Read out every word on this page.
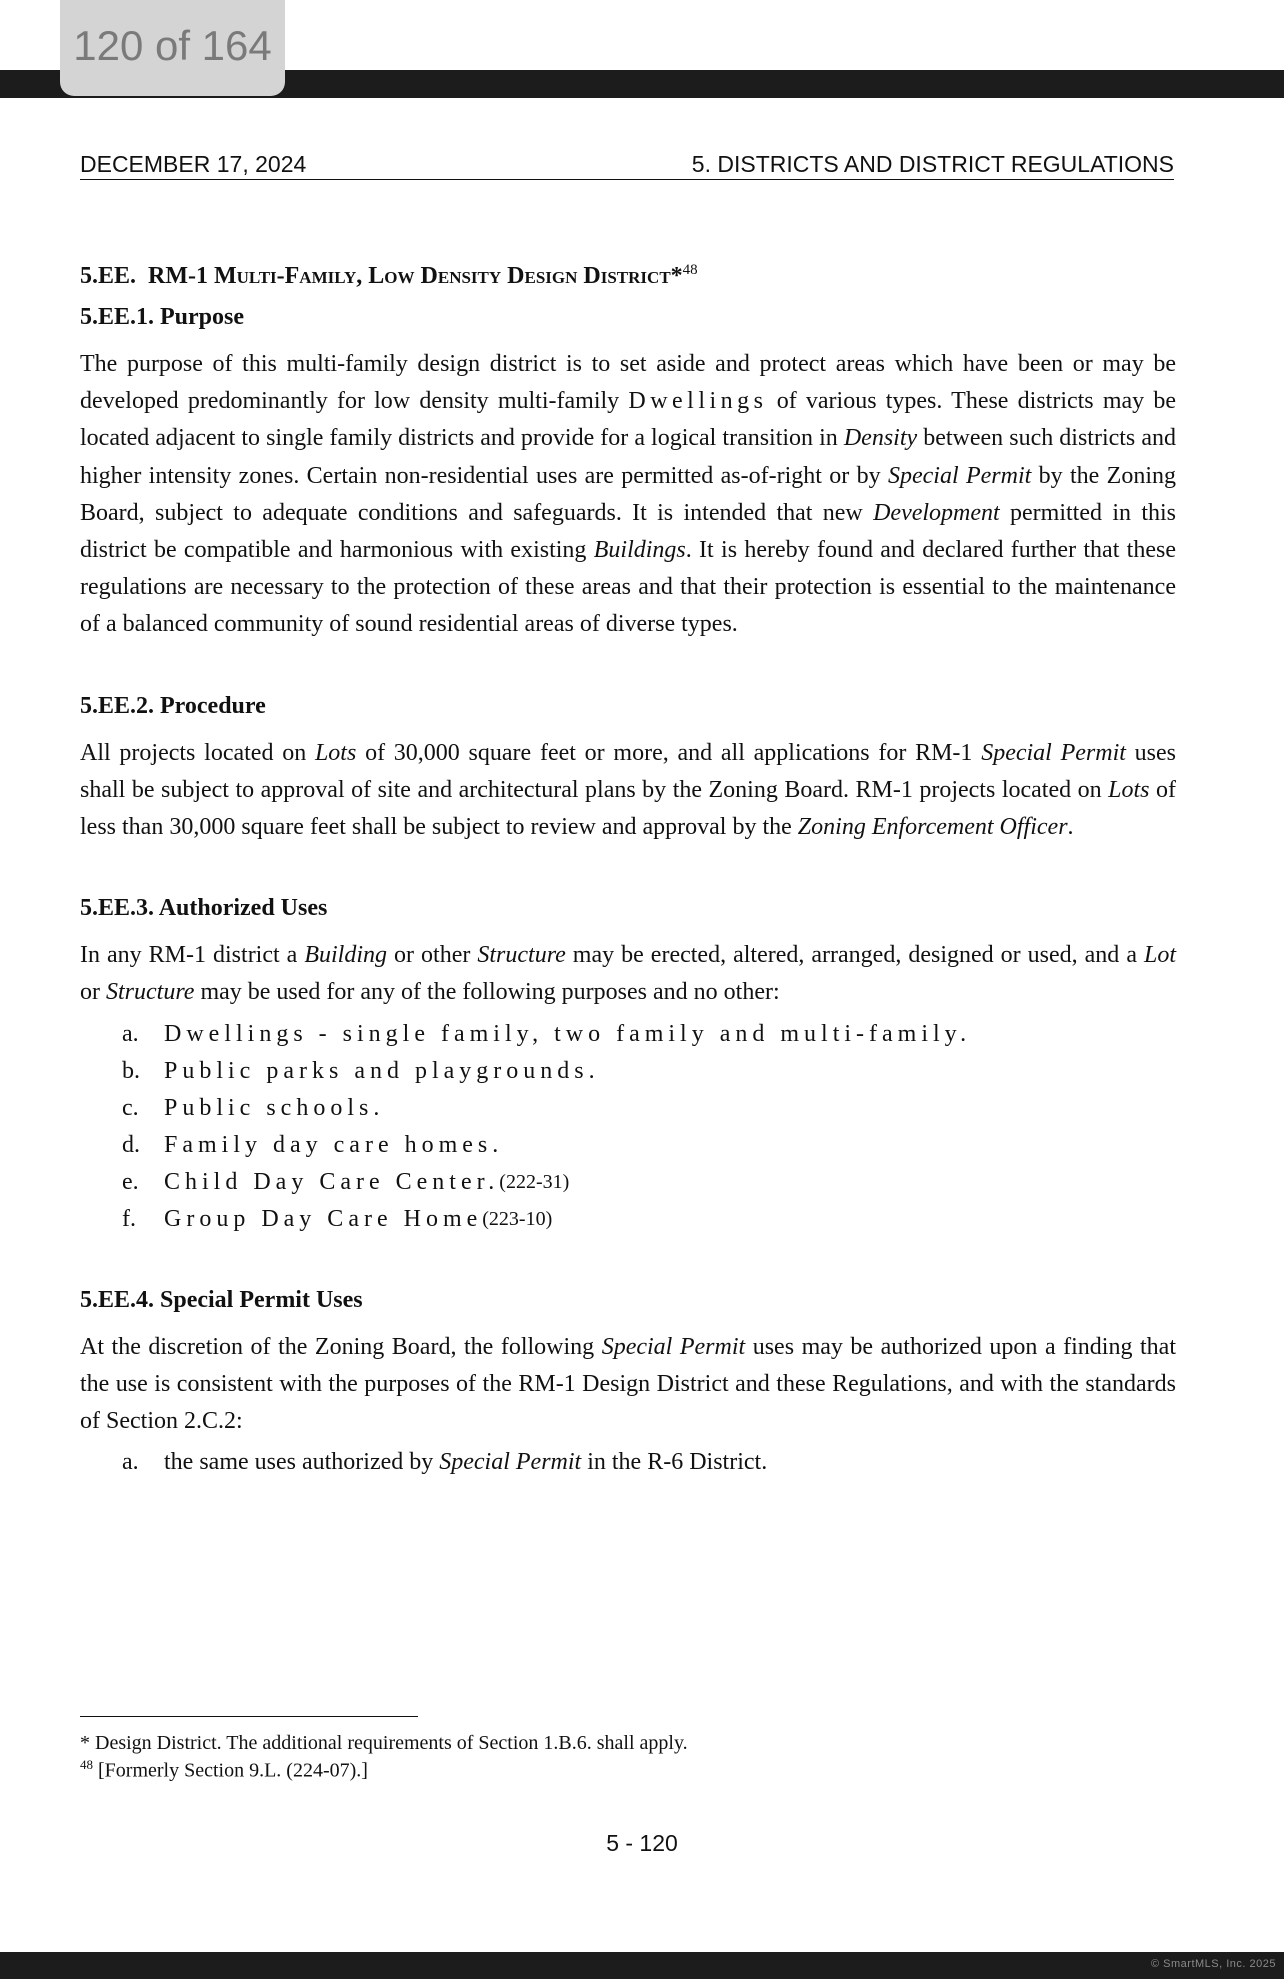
120 of 164
DECEMBER 17, 2024	5. DISTRICTS AND DISTRICT REGULATIONS
5.EE. RM-1 Multi-Family, Low Density Design District*$^{48}$
5.EE.1. Purpose

The purpose of this multi-family design district is to set aside and protect areas which have been or may be developed predominantly for low density multi-family Dwellings of various types. These districts may be located adjacent to single family districts and provide for a logical transition in Density between such districts and higher intensity zones. Certain non-residential uses are permitted as-of-right or by Special Permit by the Zoning Board, subject to adequate conditions and safeguards. It is intended that new Development permitted in this district be compatible and harmonious with existing Buildings. It is hereby found and declared further that these regulations are necessary to the protection of these areas and that their protection is essential to the maintenance of a balanced community of sound residential areas of diverse types.

5.EE.2. Procedure

All projects located on Lots of 30,000 square feet or more, and all applications for RM-1 Special Permit uses shall be subject to approval of site and architectural plans by the Zoning Board. RM-1 projects located on Lots of less than 30,000 square feet shall be subject to review and approval by the Zoning Enforcement Officer.

5.EE.3. Authorized Uses

In any RM-1 district a Building or other Structure may be erected, altered, arranged, designed or used, and a Lot or Structure may be used for any of the following purposes and no other:

a.	Dwellings - single family, two family and multi-family.
b.	Public parks and playgrounds.
c.	Public schools.
d.	Family day care homes.
e.	Child Day Care Center. (222-31)
f.	Group Day Care Home (223-10)
5.EE.4. Special Permit Uses

At the discretion of the Zoning Board, the following Special Permit uses may be authorized upon a finding that the use is consistent with the purposes of the RM-1 Design District and these Regulations, and with the standards of Section 2.C.2:

a.	the same uses authorized by Special Permit in the R-6 District.
* Design District. The additional requirements of Section 1.B.6. shall apply.
$^{48}$ [Formerly Section 9.L. (224-07).]
5 - 120
© SmartMLS, Inc. 2025
